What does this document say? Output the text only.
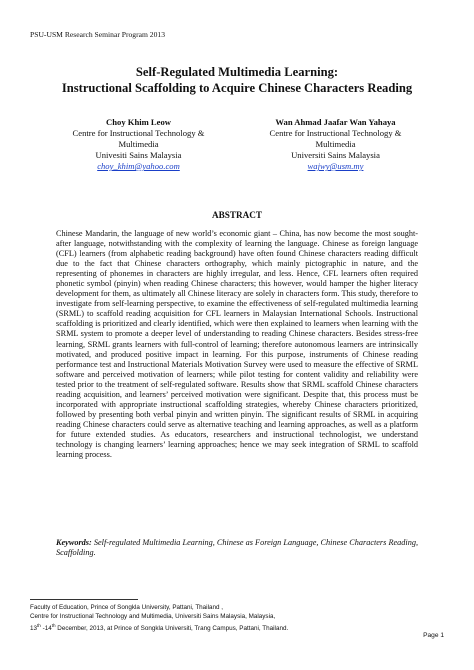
PSU-USM Research Seminar Program 2013
Self-Regulated Multimedia Learning:
Instructional Scaffolding to Acquire Chinese Characters Reading
Choy Khim Leow
Centre for Instructional Technology &
Multimedia
Univesiti Sains Malaysia
choy_khim@yahoo.com
Wan Ahmad Jaafar Wan Yahaya
Centre for Instructional Technology &
Multimedia
Universiti Sains Malaysia
wajwy@usm.my
ABSTRACT

Chinese Mandarin, the language of new world’s economic giant – China, has now become the most sought-after language, notwithstanding with the complexity of learning the language. Chinese as foreign language (CFL) learners (from alphabetic reading background) have often found Chinese characters reading difficult due to the fact that Chinese characters orthography, which mainly pictographic in nature, and the representing of phonemes in characters are highly irregular, and less. Hence, CFL learners often required phonetic symbol (pinyin) when reading Chinese characters; this however, would hamper the higher literacy development for them, as ultimately all Chinese literacy are solely in characters form. This study, therefore to investigate from self-learning perspective, to examine the effectiveness of self-regulated multimedia learning (SRML) to scaffold reading acquisition for CFL learners in Malaysian International Schools. Instructional scaffolding is prioritized and clearly identified, which were then explained to learners when learning with the SRML system to promote a deeper level of understanding to reading Chinese characters. Besides stress-free learning, SRML grants learners with full-control of learning; therefore autonomous learners are intrinsically motivated, and produced positive impact in learning. For this purpose, instruments of Chinese reading performance test and Instructional Materials Motivation Survey were used to measure the effective of SRML software and perceived motivation of learners; while pilot testing for content validity and reliability were tested prior to the treatment of self-regulated software. Results show that SRML scaffold Chinese characters reading acquisition, and learners’ perceived motivation were significant. Despite that, this process must be incorporated with appropriate instructional scaffolding strategies, whereby Chinese characters prioritized, followed by presenting both verbal pinyin and written pinyin. The significant results of SRML in acquiring reading Chinese characters could serve as alternative teaching and learning approaches, as well as a platform for future extended studies. As educators, researchers and instructional technologist, we understand technology is changing learners’ learning approaches; hence we may seek integration of SRML to scaffold learning process.

Keywords: Self-regulated Multimedia Learning, Chinese as Foreign Language, Chinese Characters Reading, Scaffolding.

Faculty of Education, Prince of Songkla University, Pattani, Thailand ,
Centre for Instructional Technology and Multimedia, Universiti Sains Malaysia, Malaysia,
13th -14th December, 2013, at Prince of Songkla Universiti, Trang Campus, Pattani, Thailand.
Page 1
